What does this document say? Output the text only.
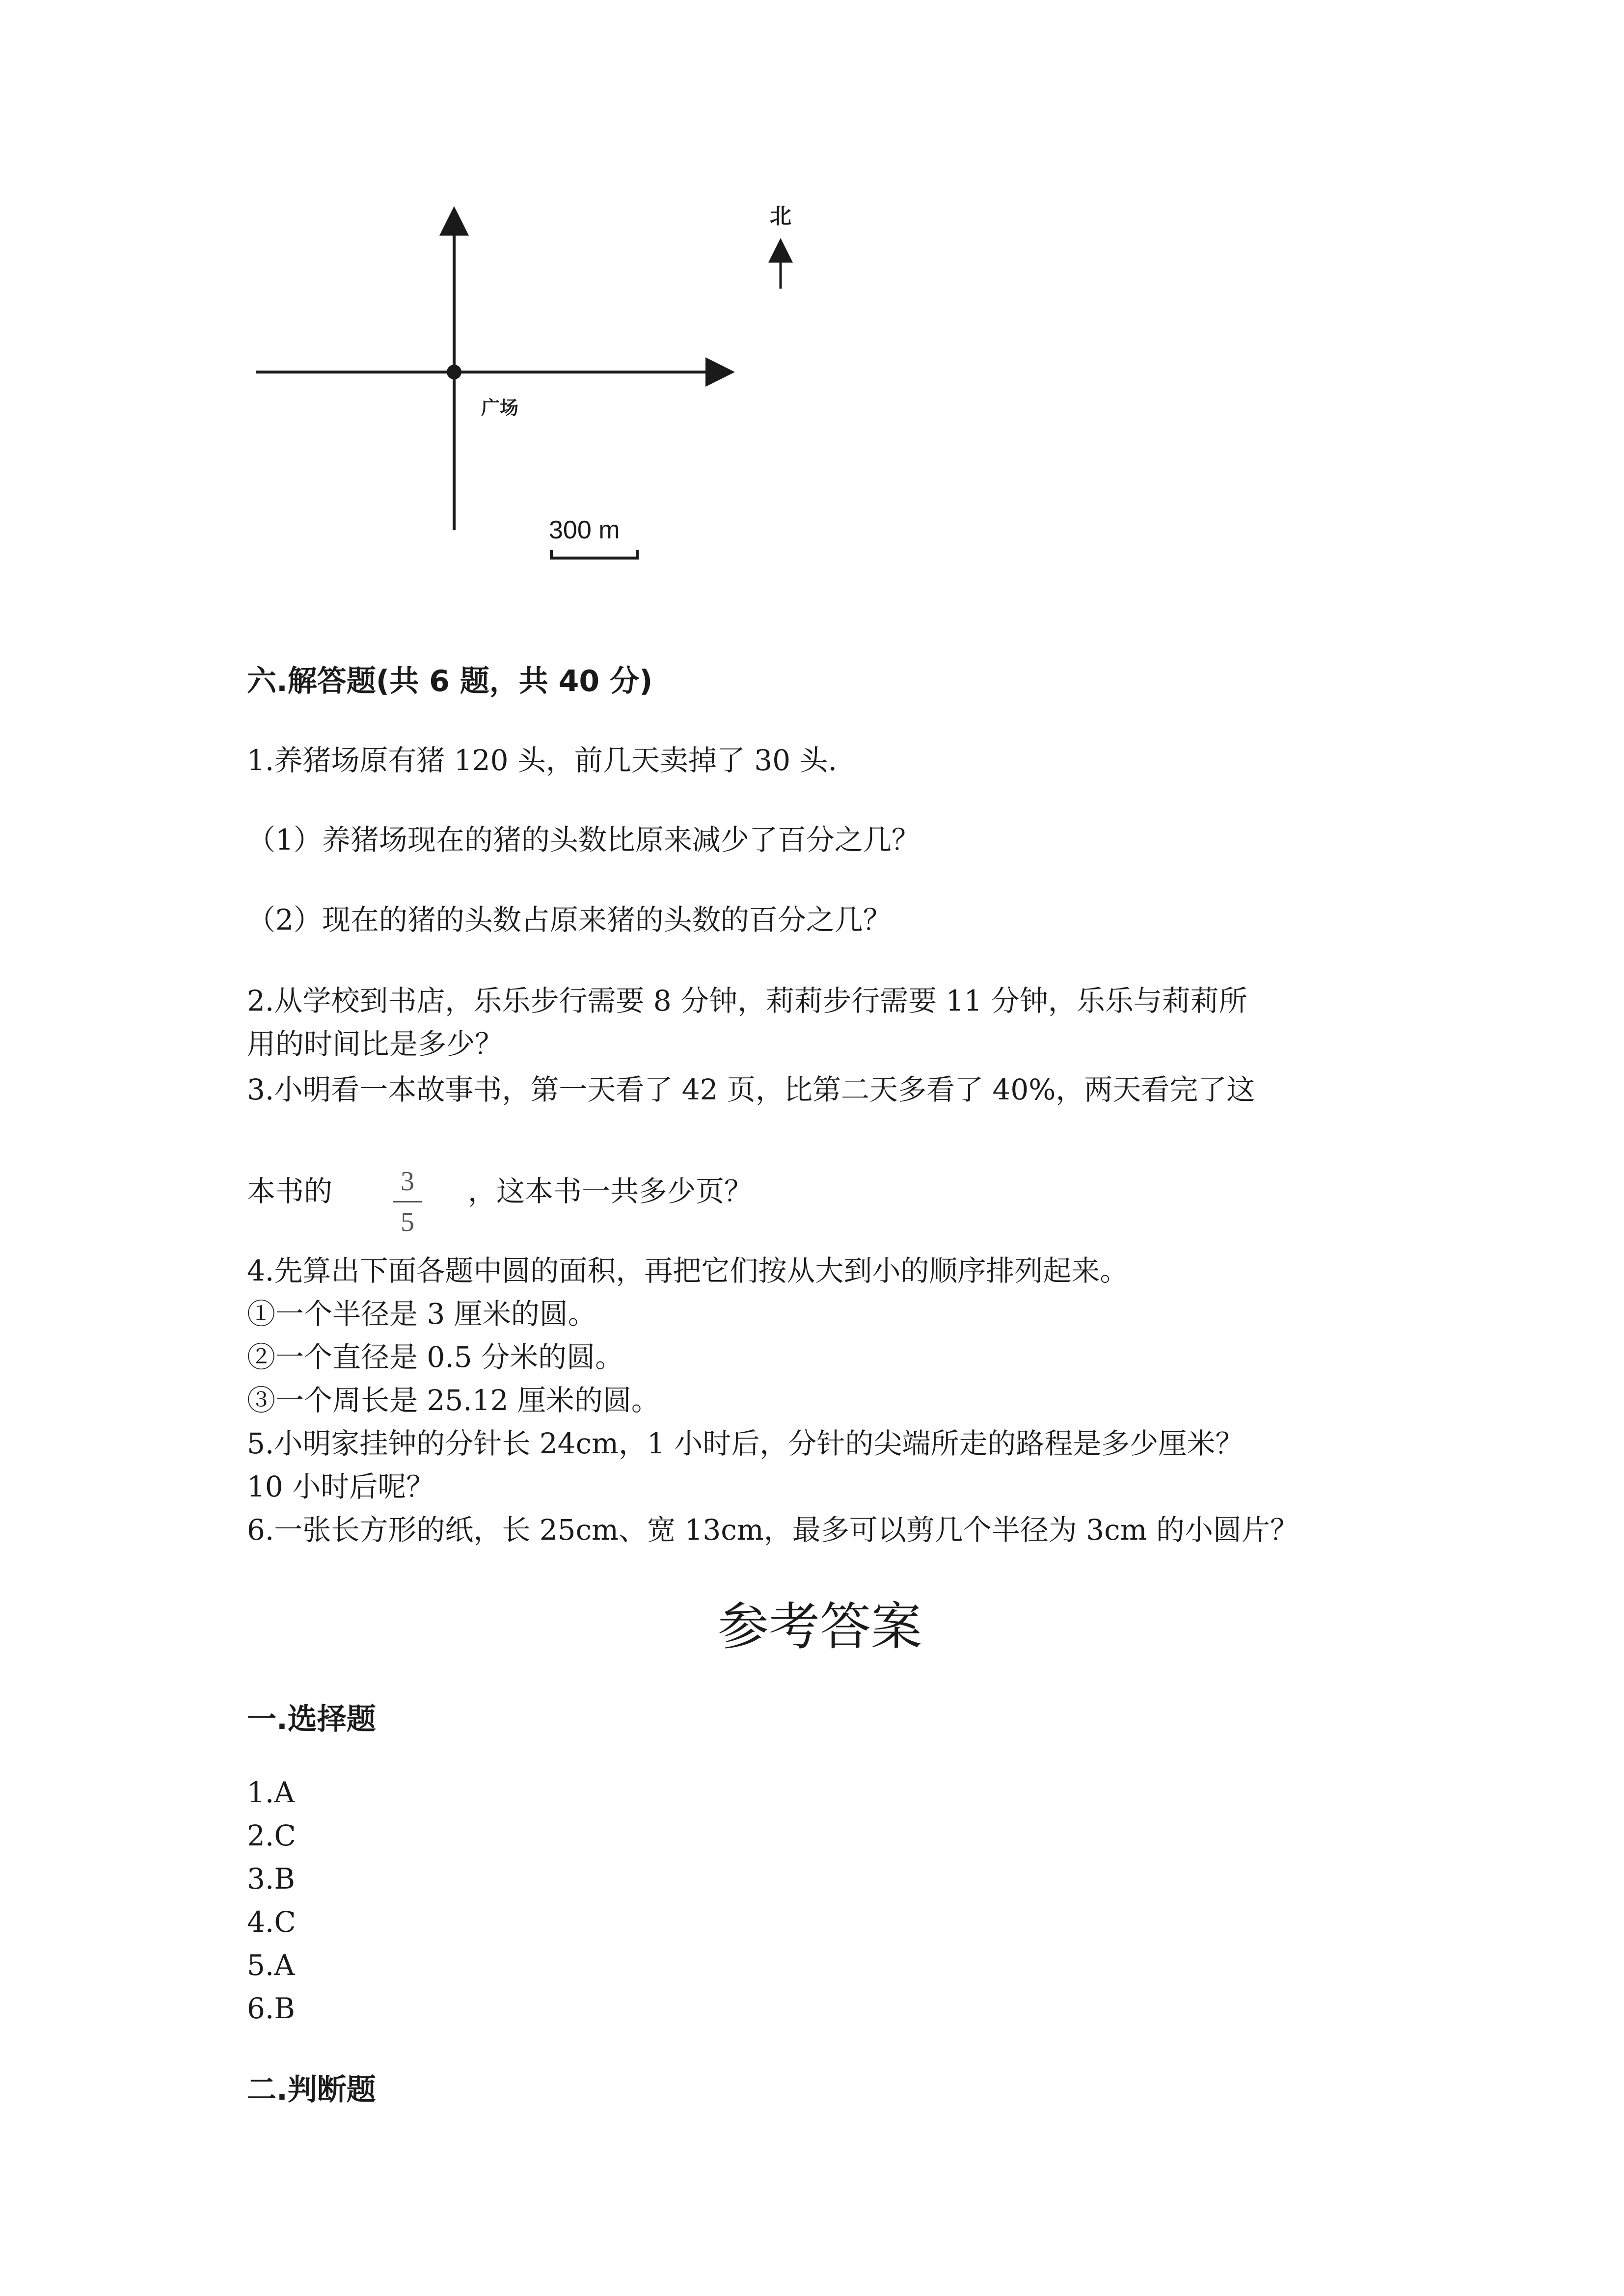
北
广场
300 m
六.解答题(共 6 题，共 40 分)
1.养猪场原有猪 120 头，前几天卖掉了 30 头.
（1）养猪场现在的猪的头数比原来减少了百分之几？
（2）现在的猪的头数占原来猪的头数的百分之几？
2.从学校到书店，乐乐步行需要 8 分钟，莉莉步行需要 11 分钟，乐乐与莉莉所
用的时间比是多少？
3.小明看一本故事书，第一天看了 42 页，比第二天多看了 40%，两天看完了这
本书的 3
5
，这本书一共多少页？
4.先算出下面各题中圆的面积，再把它们按从大到小的顺序排列起来。
①一个半径是 3 厘米的圆。
②一个直径是 0.5 分米的圆。
③一个周长是 25.12 厘米的圆。
5.小明家挂钟的分针长 24cm，1 小时后，分针的尖端所走的路程是多少厘米？
10 小时后呢？
6.一张长方形的纸，长 25cm、宽 13cm，最多可以剪几个半径为 3cm 的小圆片？
参考答案
一.选择题
1.A
2.C
3.B
4.C
5.A
6.B
二.判断题
